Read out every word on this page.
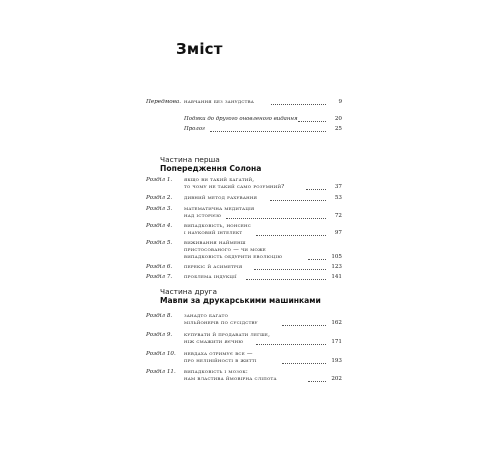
Зміст
Передмова. навчання без занудства	9
Подяки до другого оновленого видання	20
Пролог	25
Частина перша
Попередження Солона
Розділ 1.	якщо ви такий багатий,
то чому не такий само розумний?	37
Розділ 2.	дивний метод рахування	53
Розділ 3.	математична медитація
над історією	72
Розділ 4.	випадковість, нонсенс
і науковий інтелект	97
Розділ 5.	виживання найменш
пристосованого — чи може
випадковість обдурити еволюцію	105
Розділ 6.	перекіс й асиметрія	123
Розділ 7.	проблема індукції	141
Частина друга
Мавпи за друкарськими машинками
Розділ 8.	занадто багато
мільйонерів по сусідству	162
Розділ 9.	купувати й продавати легше,
ніж смажити яєчню	171
Розділ 10.	невдаха отримує все —
про нелінійності в житті	193
Розділ 11.	випадковість і мозок:
нам властива ймовірна сліпота	202
